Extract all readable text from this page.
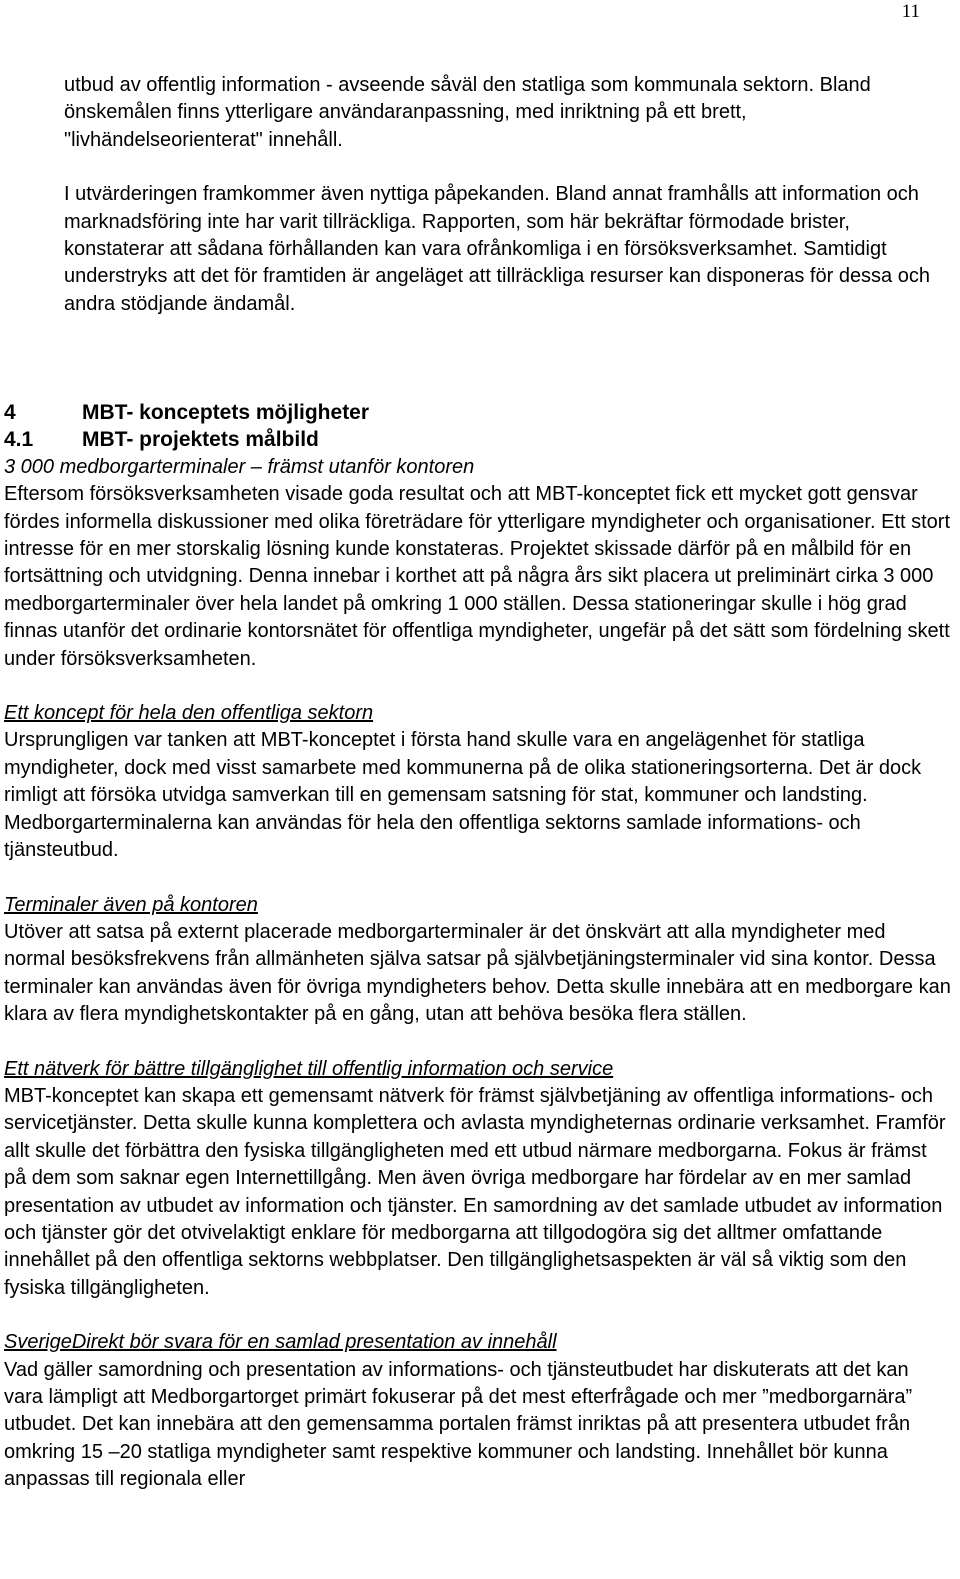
11

utbud av offentlig information - avseende såväl den statliga som kommunala sektorn. Bland önskemålen finns ytterligare användaranpassning, med inriktning på ett brett, "livhändelseorienterat" innehåll.

I utvärderingen framkommer även nyttiga påpekanden. Bland annat framhålls att information och marknadsföring inte har varit tillräckliga. Rapporten, som här bekräftar förmodade brister, konstaterar att sådana förhållanden kan vara ofrånkomliga i en försöksverksamhet. Samtidigt understryks att det för framtiden är angeläget att tillräckliga resurser kan disponeras för dessa och andra stödjande ändamål.

4	MBT- konceptets möjligheter
4.1	MBT- projektets målbild

3 000 medborgarterminaler – främst utanför kontoren

Eftersom försöksverksamheten visade goda resultat och att MBT-konceptet fick ett mycket gott gensvar fördes informella diskussioner med olika företrädare för ytterligare myndigheter och organisationer. Ett stort intresse för en mer storskalig lösning kunde konstateras. Projektet skissade därför på en målbild för en fortsättning och utvidgning. Denna innebar i korthet att på några års sikt placera ut preliminärt cirka 3 000 medborgarterminaler över hela landet på omkring 1 000 ställen. Dessa stationeringar skulle i hög grad finnas utanför det ordinarie kontorsnätet för offentliga myndigheter, ungefär på det sätt som fördelning skett under försöksverksamheten.

Ett koncept för hela den offentliga sektorn

Ursprungligen var tanken att MBT-konceptet i första hand skulle vara en angelägenhet för statliga myndigheter, dock med visst samarbete med kommunerna på de olika stationeringsorterna. Det är dock rimligt att försöka utvidga samverkan till en gemensam satsning för stat, kommuner och landsting. Medborgarterminalerna kan användas för hela den offentliga sektorns samlade informations- och tjänsteutbud.

Terminaler även på kontoren

Utöver att satsa på externt placerade medborgarterminaler är det önskvärt att alla myndigheter med normal besöksfrekvens från allmänheten själva satsar på självbetjäningsterminaler vid sina kontor. Dessa terminaler kan användas även för övriga myndigheters behov. Detta skulle innebära att en medborgare kan klara av flera myndighetskontakter på en gång, utan att behöva besöka flera ställen.

Ett nätverk för bättre tillgänglighet till offentlig information och service

MBT-konceptet kan skapa ett gemensamt nätverk för främst självbetjäning av offentliga informations- och servicetjänster. Detta skulle kunna komplettera och avlasta myndigheternas ordinarie verksamhet. Framför allt skulle det förbättra den fysiska tillgängligheten med ett utbud närmare medborgarna. Fokus är främst på dem som saknar egen Internettillgång. Men även övriga medborgare har fördelar av en mer samlad presentation av utbudet av information och tjänster. En samordning av det samlade utbudet av information och tjänster gör det otvivelaktigt enklare för medborgarna att tillgodogöra sig det alltmer omfattande innehållet på den offentliga sektorns webbplatser. Den tillgänglighetsaspekten är väl så viktig som den fysiska tillgängligheten.

SverigeDirekt bör svara för en samlad presentation av innehåll

Vad gäller samordning och presentation av informations- och tjänsteutbudet har diskuterats att det kan vara lämpligt att Medborgartorget primärt fokuserar på det mest efterfrågade och mer ”medborgarnära” utbudet. Det kan innebära att den gemensamma portalen främst inriktas på att presentera utbudet från omkring 15 –20 statliga myndigheter samt respektive kommuner och landsting. Innehållet bör kunna anpassas till regionala eller
